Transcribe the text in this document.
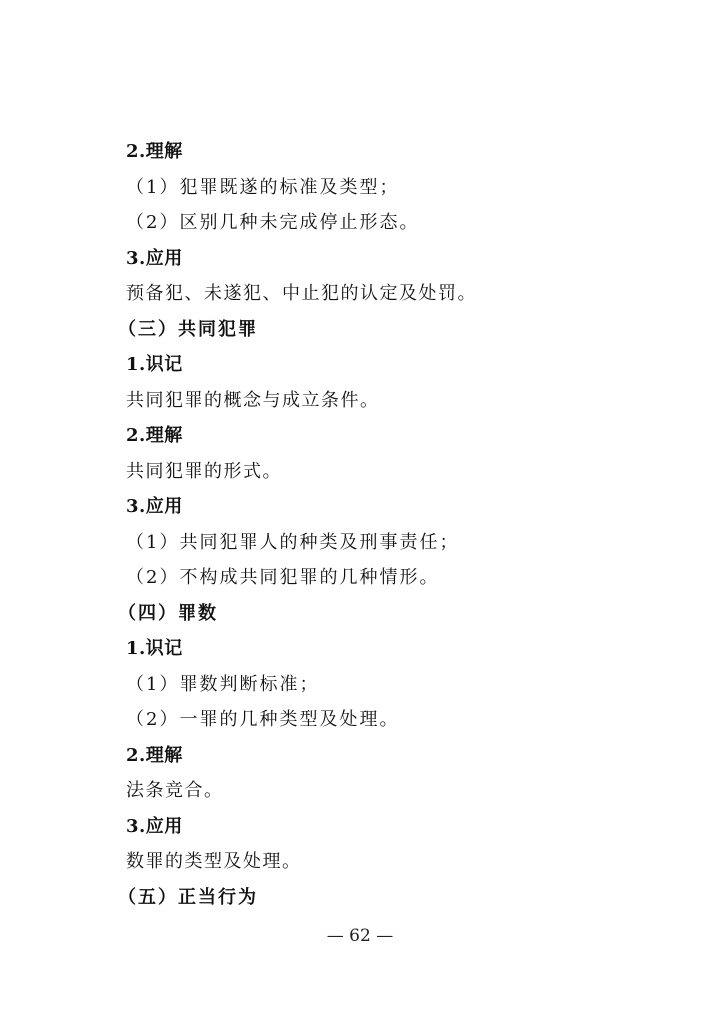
2.理解
（1）犯罪既遂的标准及类型；
（2）区别几种未完成停止形态。
3.应用
预备犯、未遂犯、中止犯的认定及处罚。
（三）共同犯罪
1.识记
共同犯罪的概念与成立条件。
2.理解
共同犯罪的形式。
3.应用
（1）共同犯罪人的种类及刑事责任；
（2）不构成共同犯罪的几种情形。
（四）罪数
1.识记
（1）罪数判断标准；
（2）一罪的几种类型及处理。
2.理解
法条竞合。
3.应用
数罪的类型及处理。
（五）正当行为
— 62 —
